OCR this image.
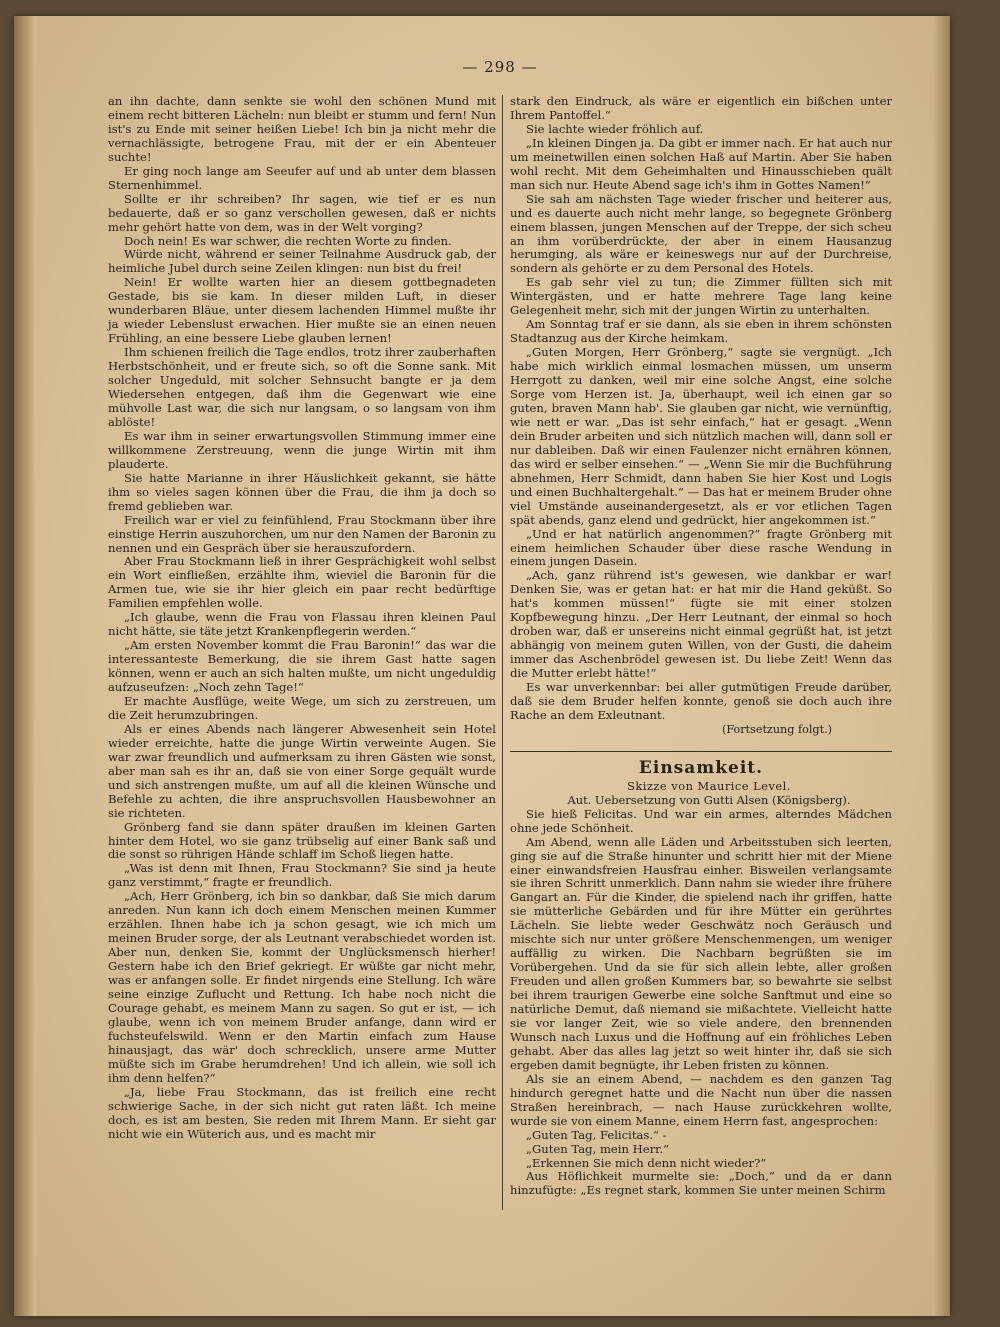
— 298 —

an ihn dachte, dann senkte sie wohl den schönen Mund mit einem recht bitteren Lächeln: nun bleibt er stumm und fern! Nun ist's zu Ende mit seiner heißen Liebe! Ich bin ja nicht mehr die vernachlässigte, betrogene Frau, mit der er ein Abenteuer suchte!

Er ging noch lange am Seeufer auf und ab unter dem blassen Sternenhimmel.

Sollte er ihr schreiben? Ihr sagen, wie tief er es nun bedauerte, daß er so ganz verschollen gewesen, daß er nichts mehr gehört hatte von dem, was in der Welt vorging?

Doch nein! Es war schwer, die rechten Worte zu finden.

Würde nicht, während er seiner Teilnahme Ausdruck gab, der heimliche Jubel durch seine Zeilen klingen: nun bist du frei!

Nein! Er wollte warten hier an diesem gottbegnadeten Gestade, bis sie kam. In dieser milden Luft, in dieser wunderbaren Bläue, unter diesem lachenden Himmel mußte ihr ja wieder Lebenslust erwachen. Hier mußte sie an einen neuen Frühling, an eine bessere Liebe glauben lernen!

Ihm schienen freilich die Tage endlos, trotz ihrer zauberhaften Herbstschönheit, und er freute sich, so oft die Sonne sank. Mit solcher Ungeduld, mit solcher Sehnsucht bangte er ja dem Wiedersehen entgegen, daß ihm die Gegenwart wie eine mühvolle Last war, die sich nur langsam, o so langsam von ihm ablöste!

Es war ihm in seiner erwartungsvollen Stimmung immer eine willkommene Zerstreuung, wenn die junge Wirtin mit ihm plauderte.

Sie hatte Marianne in ihrer Häuslichkeit gekannt, sie hätte ihm so vieles sagen können über die Frau, die ihm ja doch so fremd geblieben war.

Freilich war er viel zu feinfühlend, Frau Stockmann über ihre einstige Herrin auszuhorchen, um nur den Namen der Baronin zu nennen und ein Gespräch über sie herauszufordern.

Aber Frau Stockmann ließ in ihrer Gesprächigkeit wohl selbst ein Wort einfließen, erzählte ihm, wieviel die Baronin für die Armen tue, wie sie ihr hier gleich ein paar recht bedürftige Familien empfehlen wolle.

„Ich glaube, wenn die Frau von Flassau ihren kleinen Paul nicht hätte, sie täte jetzt Krankenpflegerin werden.“

„Am ersten November kommt die Frau Baronin!“ das war die interessanteste Bemerkung, die sie ihrem Gast hatte sagen können, wenn er auch an sich halten mußte, um nicht ungeduldig aufzuseufzen: „Noch zehn Tage!“

Er machte Ausflüge, weite Wege, um sich zu zerstreuen, um die Zeit herumzubringen.

Als er eines Abends nach längerer Abwesenheit sein Hotel wieder erreichte, hatte die junge Wirtin verweinte Augen. Sie war zwar freundlich und aufmerksam zu ihren Gästen wie sonst, aber man sah es ihr an, daß sie von einer Sorge gequält wurde und sich anstrengen mußte, um auf all die kleinen Wünsche und Befehle zu achten, die ihre anspruchsvollen Hausbewohner an sie richteten.

Grönberg fand sie dann später draußen im kleinen Garten hinter dem Hotel, wo sie ganz trübselig auf einer Bank saß und die sonst so rührigen Hände schlaff im Schoß liegen hatte.

„Was ist denn mit Ihnen, Frau Stockmann? Sie sind ja heute ganz verstimmt,“ fragte er freundlich.

„Ach, Herr Grönberg, ich bin so dankbar, daß Sie mich darum anreden. Nun kann ich doch einem Menschen meinen Kummer erzählen. Ihnen habe ich ja schon gesagt, wie ich mich um meinen Bruder sorge, der als Leutnant verabschiedet worden ist. Aber nun, denken Sie, kommt der Unglücksmensch hierher! Gestern habe ich den Brief gekriegt. Er wüßte gar nicht mehr, was er anfangen solle. Er findet nirgends eine Stellung. Ich wäre seine einzige Zuflucht und Rettung. Ich habe noch nicht die Courage gehabt, es meinem Mann zu sagen. So gut er ist, — ich glaube, wenn ich von meinem Bruder anfange, dann wird er fuchsteufelswild. Wenn er den Martin einfach zum Hause hinausjagt, das wär' doch schrecklich, unsere arme Mutter müßte sich im Grabe herumdrehen! Und ich allein, wie soll ich ihm denn helfen?“

„Ja, liebe Frau Stockmann, das ist freilich eine recht schwierige Sache, in der sich nicht gut raten läßt. Ich meine doch, es ist am besten, Sie reden mit Ihrem Mann. Er sieht gar nicht wie ein Wüterich aus, und es macht mir

stark den Eindruck, als wäre er eigentlich ein bißchen unter Ihrem Pantoffel.“

Sie lachte wieder fröhlich auf.

„In kleinen Dingen ja. Da gibt er immer nach. Er hat auch nur um meinetwillen einen solchen Haß auf Martin. Aber Sie haben wohl recht. Mit dem Geheimhalten und Hinausschieben quält man sich nur. Heute Abend sage ich's ihm in Gottes Namen!“

Sie sah am nächsten Tage wieder frischer und heiterer aus, und es dauerte auch nicht mehr lange, so begegnete Grönberg einem blassen, jungen Menschen auf der Treppe, der sich scheu an ihm vorüberdrückte, der aber in einem Hausanzug herumging, als wäre er keineswegs nur auf der Durchreise, sondern als gehörte er zu dem Personal des Hotels.

Es gab sehr viel zu tun; die Zimmer füllten sich mit Wintergästen, und er hatte mehrere Tage lang keine Gelegenheit mehr, sich mit der jungen Wirtin zu unterhalten.

Am Sonntag traf er sie dann, als sie eben in ihrem schönsten Stadtanzug aus der Kirche heimkam.

„Guten Morgen, Herr Grönberg,“ sagte sie vergnügt. „Ich habe mich wirklich einmal losmachen müssen, um unserm Herrgott zu danken, weil mir eine solche Angst, eine solche Sorge vom Herzen ist. Ja, überhaupt, weil ich einen gar so guten, braven Mann hab'. Sie glauben gar nicht, wie vernünftig, wie nett er war. „Das ist sehr einfach,“ hat er gesagt. „Wenn dein Bruder arbeiten und sich nützlich machen will, dann soll er nur dableiben. Daß wir einen Faulenzer nicht ernähren können, das wird er selber einsehen.“ — „Wenn Sie mir die Buchführung abnehmen, Herr Schmidt, dann haben Sie hier Kost und Logis und einen Buchhaltergehalt.“ — Das hat er meinem Bruder ohne viel Umstände auseinandergesetzt, als er vor etlichen Tagen spät abends, ganz elend und gedrückt, hier angekommen ist.“

„Und er hat natürlich angenommen?“ fragte Grönberg mit einem heimlichen Schauder über diese rasche Wendung in einem jungen Dasein.

„Ach, ganz rührend ist's gewesen, wie dankbar er war! Denken Sie, was er getan hat: er hat mir die Hand geküßt. So hat's kommen müssen!“ fügte sie mit einer stolzen Kopfbewegung hinzu. „Der Herr Leutnant, der einmal so hoch droben war, daß er unsereins nicht einmal gegrüßt hat, ist jetzt abhängig von meinem guten Willen, von der Gusti, die daheim immer das Aschenbrödel gewesen ist. Du liebe Zeit! Wenn das die Mutter erlebt hätte!“

Es war unverkennbar: bei aller gutmütigen Freude darüber, daß sie dem Bruder helfen konnte, genoß sie doch auch ihre Rache an dem Exleutnant.

(Fortsetzung folgt.)

Einsamkeit.

Skizze von Maurice Level.

Aut. Uebersetzung von Gutti Alsen (Königsberg).

Sie hieß Felicitas. Und war ein armes, alterndes Mädchen ohne jede Schönheit.

Am Abend, wenn alle Läden und Arbeitsstuben sich leerten, ging sie auf die Straße hinunter und schritt hier mit der Miene einer einwandsfreien Hausfrau einher. Bisweilen verlangsamte sie ihren Schritt unmerklich. Dann nahm sie wieder ihre frühere Gangart an. Für die Kinder, die spielend nach ihr griffen, hatte sie mütterliche Gebärden und für ihre Mütter ein gerührtes Lächeln. Sie liebte weder Geschwätz noch Geräusch und mischte sich nur unter größere Menschenmengen, um weniger auffällig zu wirken. Die Nachbarn begrüßten sie im Vorübergehen. Und da sie für sich allein lebte, aller großen Freuden und allen großen Kummers bar, so bewahrte sie selbst bei ihrem traurigen Gewerbe eine solche Sanftmut und eine so natürliche Demut, daß niemand sie mißachtete. Vielleicht hatte sie vor langer Zeit, wie so viele andere, den brennenden Wunsch nach Luxus und die Hoffnung auf ein fröhliches Leben gehabt. Aber das alles lag jetzt so weit hinter ihr, daß sie sich ergeben damit begnügte, ihr Leben fristen zu können.

Als sie an einem Abend, — nachdem es den ganzen Tag hindurch geregnet hatte und die Nacht nun über die nassen Straßen hereinbrach, — nach Hause zurückkehren wollte, wurde sie von einem Manne, einem Herrn fast, angesprochen:

„Guten Tag, Felicitas.“ -

„Guten Tag, mein Herr.“

„Erkennen Sie mich denn nicht wieder?“

Aus Höflichkeit murmelte sie: „Doch,“ und da er dann hinzufügte: „Es regnet stark, kommen Sie unter meinen Schirm
